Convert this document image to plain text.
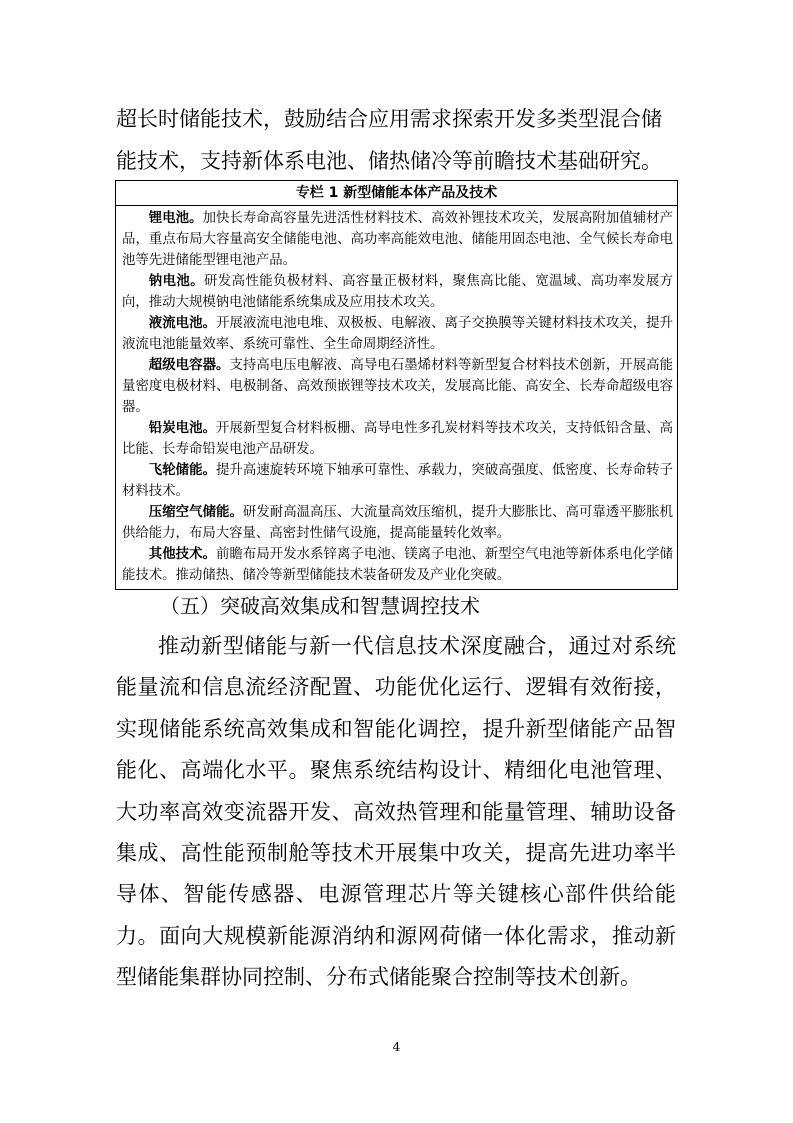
超长时储能技术，鼓励结合应用需求探索开发多类型混合储

能技术，支持新体系电池、储热储冷等前瞻技术基础研究。

专栏 1 新型储能本体产品及技术

锂电池。加快长寿命高容量先进活性材料技术、高效补锂技术攻关，发展高附加值辅材产品，重点布局大容量高安全储能电池、高功率高能效电池、储能用固态电池、全气候长寿命电池等先进储能型锂电池产品。

钠电池。研发高性能负极材料、高容量正极材料，聚焦高比能、宽温域、高功率发展方向，推动大规模钠电池储能系统集成及应用技术攻关。

液流电池。开展液流电池电堆、双极板、电解液、离子交换膜等关键材料技术攻关，提升液流电池能量效率、系统可靠性、全生命周期经济性。

超级电容器。支持高电压电解液、高导电石墨烯材料等新型复合材料技术创新，开展高能量密度电极材料、电极制备、高效预嵌锂等技术攻关，发展高比能、高安全、长寿命超级电容器。

铅炭电池。开展新型复合材料板栅、高导电性多孔炭材料等技术攻关，支持低铅含量、高比能、长寿命铅炭电池产品研发。

飞轮储能。提升高速旋转环境下轴承可靠性、承载力，突破高强度、低密度、长寿命转子材料技术。

压缩空气储能。研发耐高温高压、大流量高效压缩机，提升大膨胀比、高可靠透平膨胀机供给能力，布局大容量、高密封性储气设施，提高能量转化效率。

其他技术。前瞻布局开发水系锌离子电池、镁离子电池、新型空气电池等新体系电化学储能技术。推动储热、储冷等新型储能技术装备研发及产业化突破。

（五）突破高效集成和智慧调控技术

推动新型储能与新一代信息技术深度融合，通过对系统能量流和信息流经济配置、功能优化运行、逻辑有效衔接，实现储能系统高效集成和智能化调控，提升新型储能产品智能化、高端化水平。聚焦系统结构设计、精细化电池管理、大功率高效变流器开发、高效热管理和能量管理、辅助设备集成、高性能预制舱等技术开展集中攻关，提高先进功率半导体、智能传感器、电源管理芯片等关键核心部件供给能力。面向大规模新能源消纳和源网荷储一体化需求，推动新型储能集群协同控制、分布式储能聚合控制等技术创新。

4
